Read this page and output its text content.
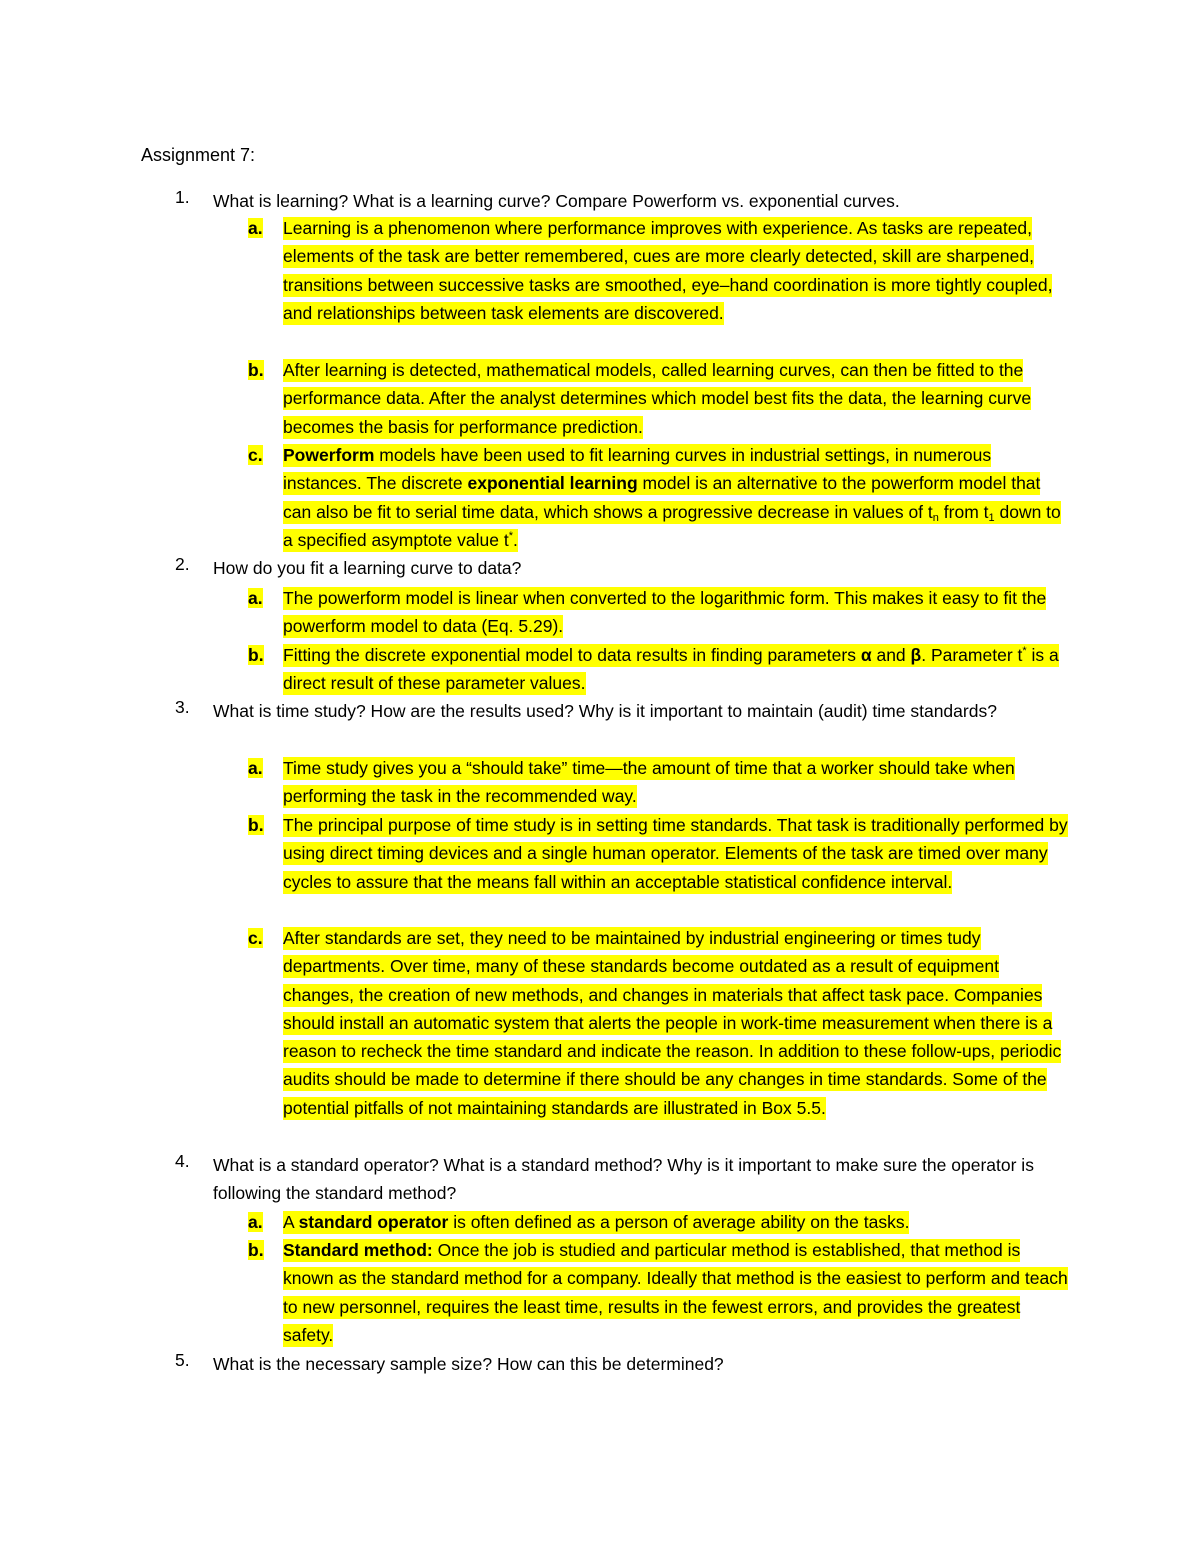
Assignment 7:
1.	What is learning? What is a learning curve? Compare Powerform vs. exponential curves.
a.	Learning is a phenomenon where performance improves with experience. As tasks are repeated, elements of the task are better remembered, cues are more clearly detected, skill are sharpened, transitions between successive tasks are smoothed, eye–hand coordination is more tightly coupled, and relationships between task elements are discovered.
b.	After learning is detected, mathematical models, called learning curves, can then be fitted to the performance data. After the analyst determines which model best fits the data, the learning curve becomes the basis for performance prediction.
c.	Powerform models have been used to fit learning curves in industrial settings, in numerous instances. The discrete exponential learning model is an alternative to the powerform model that can also be fit to serial time data, which shows a progressive decrease in values of $t_n$ from $t_1$ down to a specified asymptote value t*.
2.	How do you fit a learning curve to data?
a.	The powerform model is linear when converted to the logarithmic form. This makes it easy to fit the powerform model to data (Eq. 5.29).
b.	Fitting the discrete exponential model to data results in finding parameters α and β. Parameter t* is a direct result of these parameter values.
3.	What is time study? How are the results used? Why is it important to maintain (audit) time standards?
a.	Time study gives you a “should take” time—the amount of time that a worker should take when performing the task in the recommended way.
b.	The principal purpose of time study is in setting time standards. That task is traditionally performed by using direct timing devices and a single human operator. Elements of the task are timed over many cycles to assure that the means fall within an acceptable statistical confidence interval.
c.	After standards are set, they need to be maintained by industrial engineering or times tudy departments. Over time, many of these standards become outdated as a result of equipment changes, the creation of new methods, and changes in materials that affect task pace. Companies should install an automatic system that alerts the people in work-time measurement when there is a reason to recheck the time standard and indicate the reason. In addition to these follow-ups, periodic audits should be made to determine if there should be any changes in time standards. Some of the potential pitfalls of not maintaining standards are illustrated in Box 5.5.
4.	What is a standard operator? What is a standard method? Why is it important to make sure the operator is following the standard method?
a.	A standard operator is often defined as a person of average ability on the tasks.
b.	Standard method: Once the job is studied and particular method is established, that method is known as the standard method for a company. Ideally that method is the easiest to perform and teach to new personnel, requires the least time, results in the fewest errors, and provides the greatest safety.
5.	What is the necessary sample size? How can this be determined?
